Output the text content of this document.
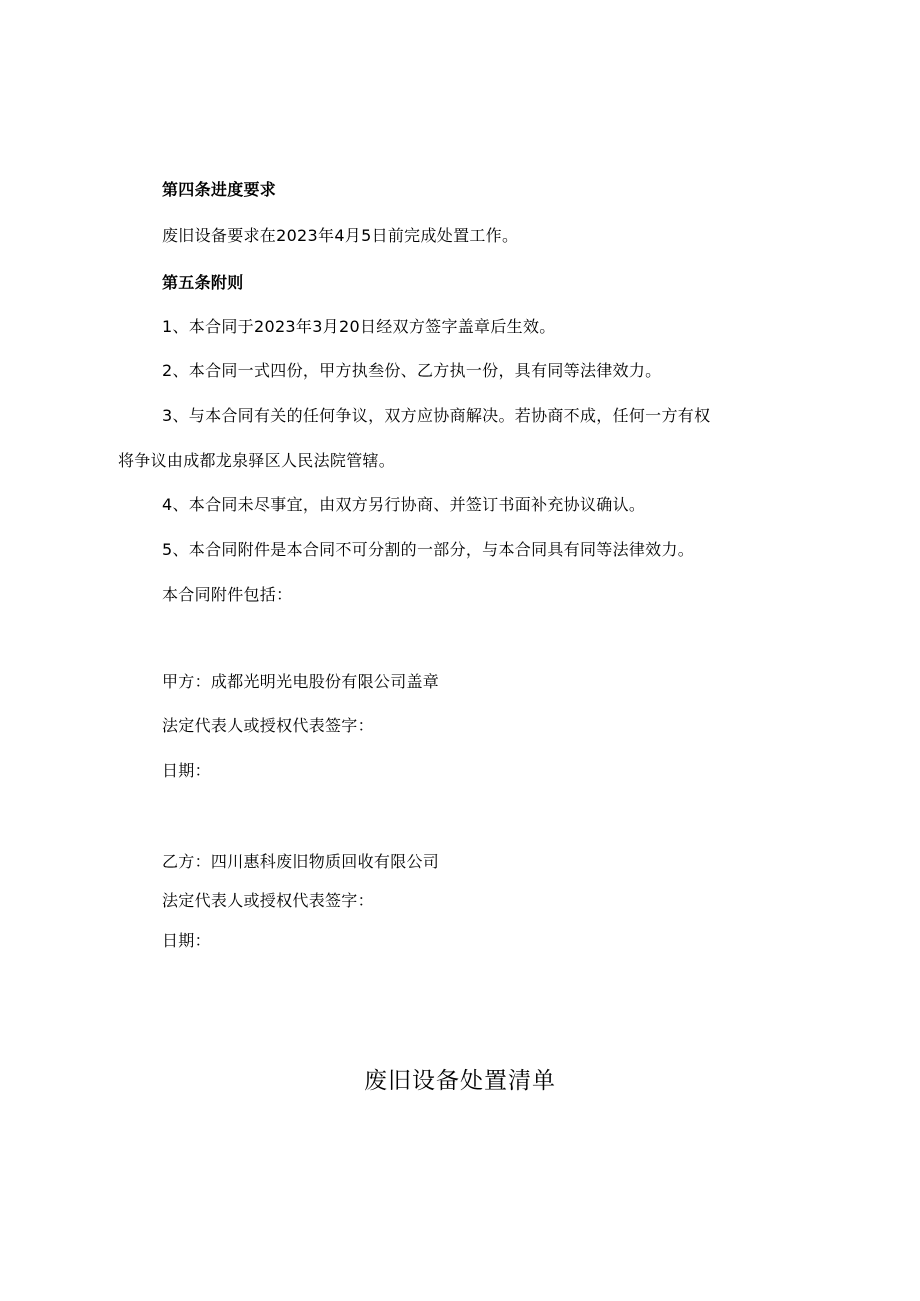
第四条进度要求
废旧设备要求在2023年4月5日前完成处置工作。
第五条附则
1、本合同于2023年3月20日经双方签字盖章后生效。
2、本合同一式四份，甲方执叁份、乙方执一份，具有同等法律效力。
3、与本合同有关的任何争议，双方应协商解决。若协商不成，任何一方有权
将争议由成都龙泉驿区人民法院管辖。
4、本合同未尽事宜，由双方另行协商、并签订书面补充协议确认。
5、本合同附件是本合同不可分割的一部分，与本合同具有同等法律效力。
本合同附件包括：
甲方：成都光明光电股份有限公司盖章
法定代表人或授权代表签字：
日期：
乙方：四川惠科废旧物质回收有限公司
法定代表人或授权代表签字：
日期：
废旧设备处置清单
